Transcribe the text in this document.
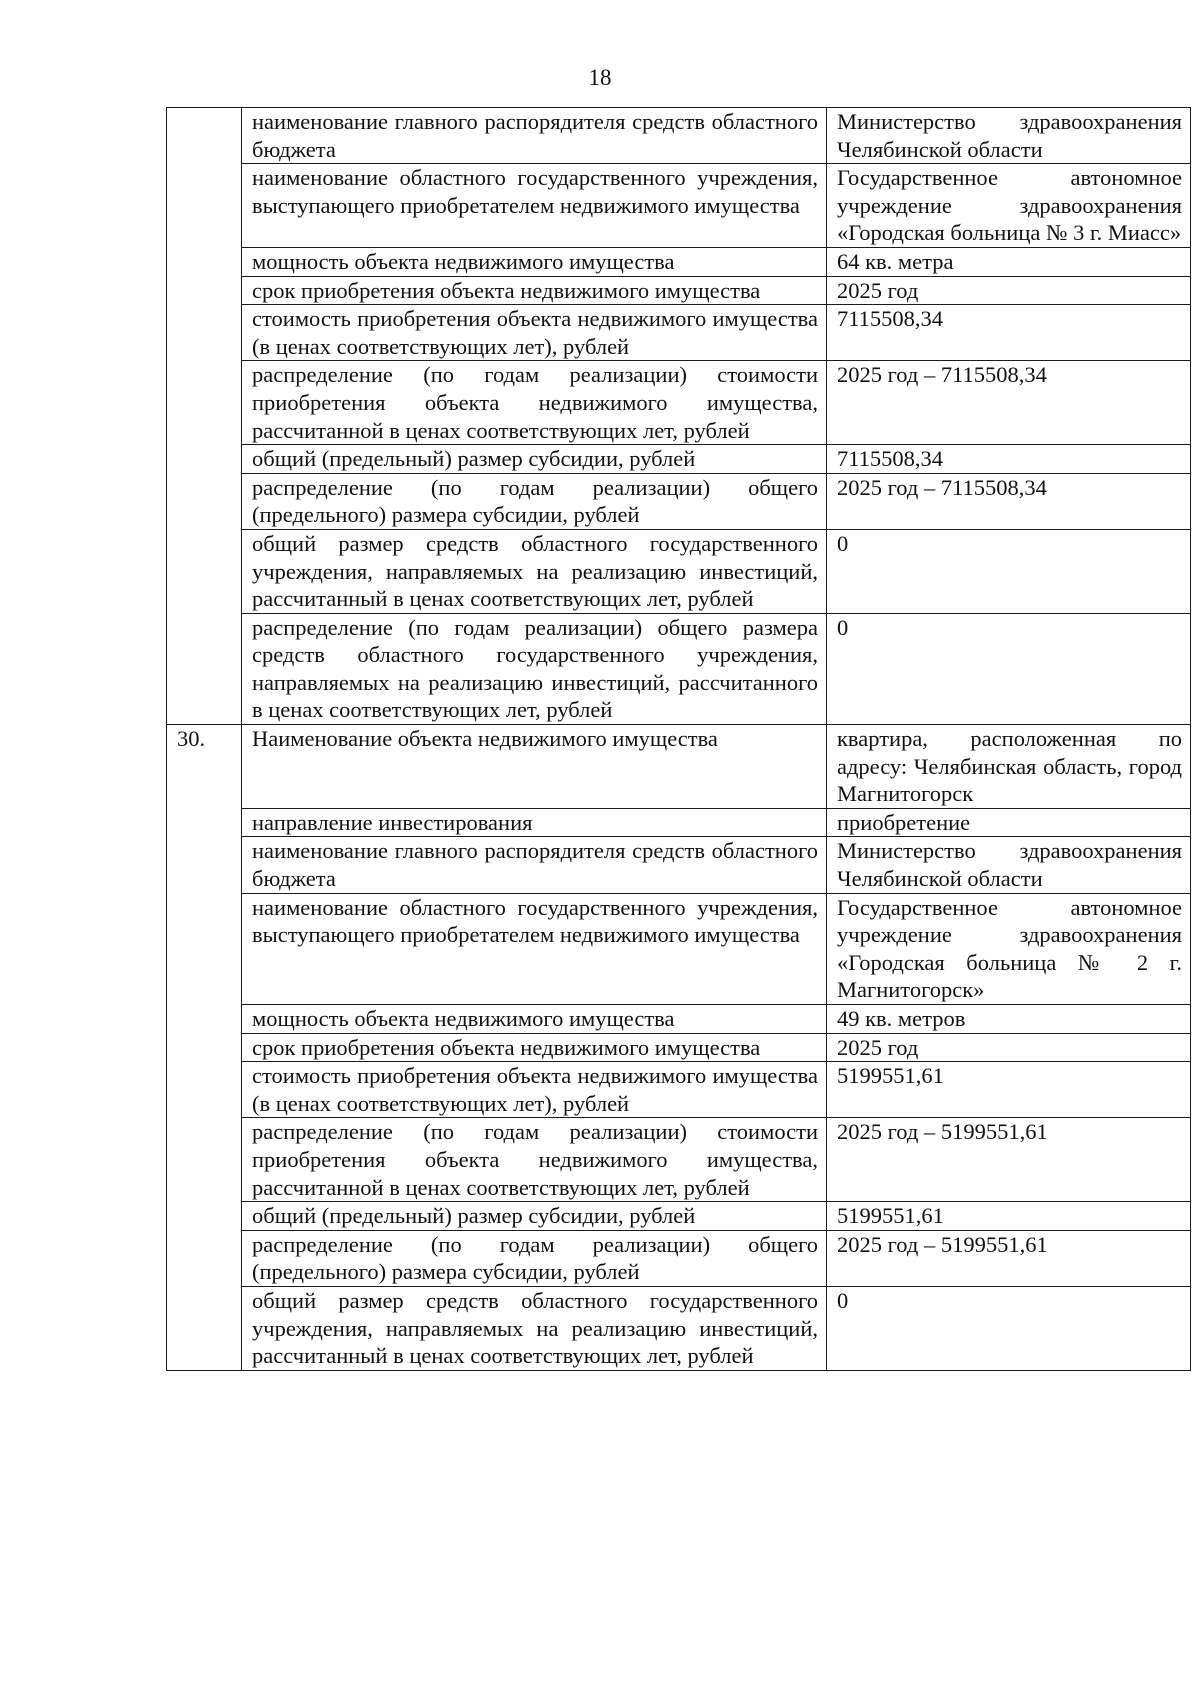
18
	наименование главного распорядителя средств областного бюджета	Министерство здравоохранения Челябинской области
	наименование областного государственного учреждения, выступающего приобретателем недвижимого имущества	Государственное автономное учреждение здравоохранения «Городская больница № 3 г. Миасс»
	мощность объекта недвижимого имущества	64 кв. метра
	срок приобретения объекта недвижимого имущества	2025 год
	стоимость приобретения объекта недвижимого имущества (в ценах соответствующих лет), рублей	7115508,34
	распределение (по годам реализации) стоимости приобретения объекта недвижимого имущества, рассчитанной в ценах соответствующих лет, рублей	2025 год – 7115508,34
	общий (предельный) размер субсидии, рублей	7115508,34
	распределение (по годам реализации) общего (предельного) размера субсидии, рублей	2025 год – 7115508,34
	общий размер средств областного государственного учреждения, направляемых на реализацию инвестиций, рассчитанный в ценах соответствующих лет, рублей	0
	распределение (по годам реализации) общего размера средств областного государственного учреждения, направляемых на реализацию инвестиций, рассчитанного в ценах соответствующих лет, рублей	0
30.	Наименование объекта недвижимого имущества	квартира, расположенная по адресу: Челябинская область, город Магнитогорск
	направление инвестирования	приобретение
	наименование главного распорядителя средств областного бюджета	Министерство здравоохранения Челябинской области
	наименование областного государственного учреждения, выступающего приобретателем недвижимого имущества	Государственное автономное учреждение здравоохранения «Городская больница № 2 г. Магнитогорск»
	мощность объекта недвижимого имущества	49 кв. метров
	срок приобретения объекта недвижимого имущества	2025 год
	стоимость приобретения объекта недвижимого имущества (в ценах соответствующих лет), рублей	5199551,61
	распределение (по годам реализации) стоимости приобретения объекта недвижимого имущества, рассчитанной в ценах соответствующих лет, рублей	2025 год – 5199551,61
	общий (предельный) размер субсидии, рублей	5199551,61
	распределение (по годам реализации) общего (предельного) размера субсидии, рублей	2025 год – 5199551,61
	общий размер средств областного государственного учреждения, направляемых на реализацию инвестиций, рассчитанный в ценах соответствующих лет, рублей	0
